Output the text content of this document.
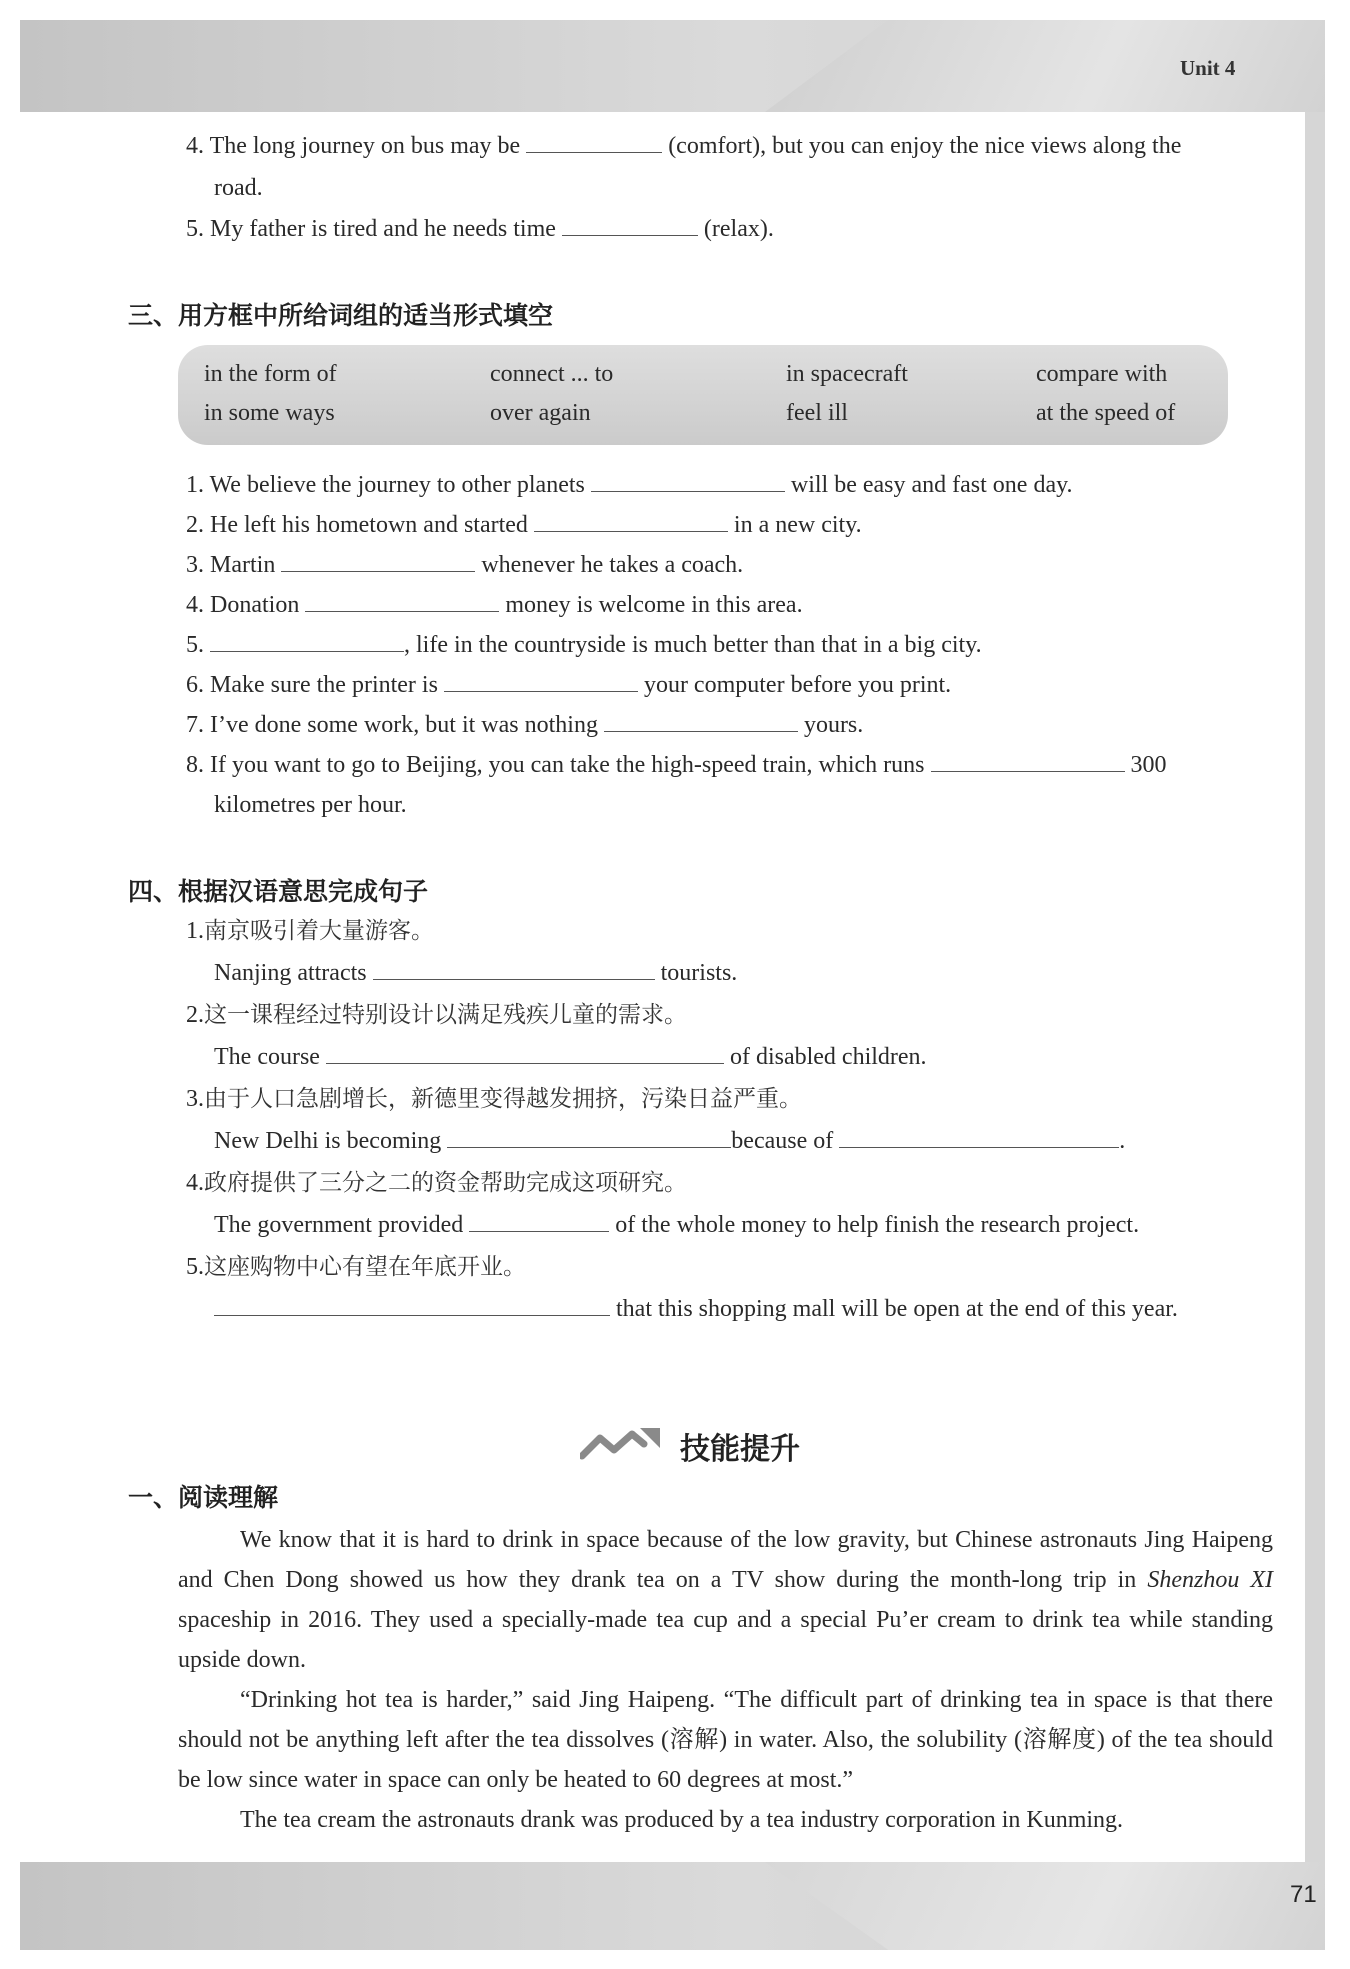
Unit 4
71
4. The long journey on bus may be	(comfort), but you can enjoy the nice views along the
road.
5. My father is tired and he needs time	(relax).
三、用方框中所给词组的适当形式填空
in the form of	connect ... to	in spacecraft	compare with
in some ways	over again	feel ill	at the speed of
1. We believe the journey to other planets	will be easy and fast one day.
2. He left his hometown and started	in a new city.
3. Martin	whenever he takes a coach.
4. Donation	money is welcome in this area.
5.	, life in the countryside is much better than that in a big city.
6. Make sure the printer is	your computer before you print.
7. I’ve done some work, but it was nothing	yours.
8. If you want to go to Beijing, you can take the high-speed train, which runs	300
kilometres per hour.
四、根据汉语意思完成句子
1.南京吸引着大量游客。
Nanjing attracts	tourists.
2.这一课程经过特别设计以满足残疾儿童的需求。
The course	of disabled children.
3.由于人口急剧增长，新德里变得越发拥挤，污染日益严重。
New Delhi is becoming	because of	.
4.政府提供了三分之二的资金帮助完成这项研究。
The government provided	of the whole money to help finish the research project.
5.这座购物中心有望在年底开业。
that this shopping mall will be open at the end of this year.
技能提升
一、阅读理解

We know that it is hard to drink in space because of the low gravity, but Chinese astronauts Jing Haipeng and Chen Dong showed us how they drank tea on a TV show during the month-long trip in Shenzhou XI spaceship in 2016. They used a specially-made tea cup and a special Pu’er cream to drink tea while standing upside down.

“Drinking hot tea is harder,” said Jing Haipeng. “The difficult part of drinking tea in space is that there should not be anything left after the tea dissolves (溶解) in water. Also, the solubility (溶解度) of the tea should be low since water in space can only be heated to 60 degrees at most.”

The tea cream the astronauts drank was produced by a tea industry corporation in Kunming.
